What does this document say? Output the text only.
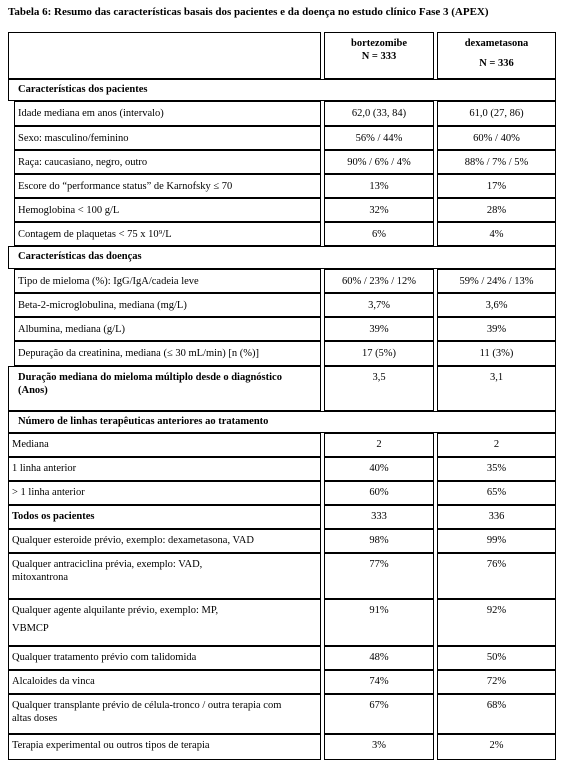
Tabela 6: Resumo das características basais dos pacientes e da doença no estudo clínico Fase 3 (APEX)
bortezomibe
N = 333
dexametasona
N = 336
Características dos pacientes
Idade mediana em anos (intervalo)	62,0 (33, 84)	61,0 (27, 86)
Sexo: masculino/feminino	56% / 44%	60% / 40%
Raça: caucasiano, negro, outro	90% / 6% / 4%	88% / 7% / 5%
Escore do “performance status” de Karnofsky ≤ 70	13%	17%
Hemoglobina < 100 g/L	32%	28%
Contagem de plaquetas < 75 x 10⁹/L	6%	4%
Características das doenças
Tipo de mieloma (%): IgG/IgA/cadeia leve	60% / 23% / 12%	59% / 24% / 13%
Beta-2-microglobulina, mediana (mg/L)	3,7%	3,6%
Albumina, mediana (g/L)	39%	39%
Depuração da creatinina, mediana (≤ 30 mL/min) [n (%)]	17 (5%)	11 (3%)
Duração mediana do mieloma múltiplo desde o diagnóstico
(Anos)
3,5	3,1
Número de linhas terapêuticas anteriores ao tratamento
Mediana	2	2
1 linha anterior	40%	35%
> 1 linha anterior	60%	65%
Todos os pacientes	333	336
Qualquer esteroide prévio, exemplo: dexametasona, VAD	98%	99%
Qualquer antraciclina prévia, exemplo: VAD,
mitoxantrona
77%	76%
Qualquer agente alquilante prévio, exemplo: MP,
VBMCP
91%	92%
Qualquer tratamento prévio com talidomida	48%	50%
Alcaloides da vinca	74%	72%
Qualquer transplante prévio de célula-tronco / outra terapia com
altas doses
67%	68%
Terapia experimental ou outros tipos de terapia	3%	2%
